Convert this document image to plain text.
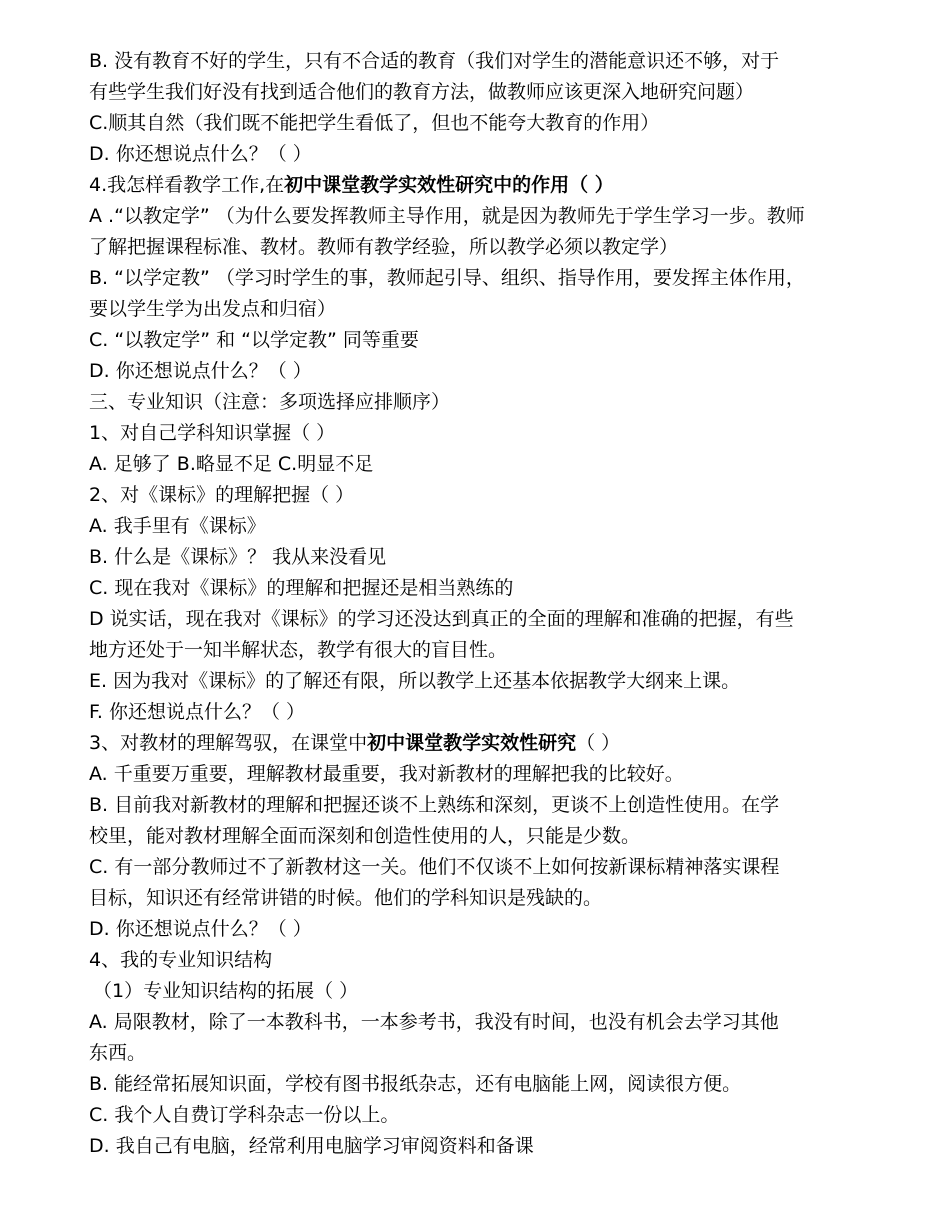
B. 没有教育不好的学生，只有不合适的教育（我们对学生的潜能意识还不够，对于
有些学生我们好没有找到适合他们的教育方法，做教师应该更深入地研究问题）
C.顺其自然（我们既不能把学生看低了，但也不能夸大教育的作用）
D. 你还想说点什么？（ ）
4.我怎样看教学工作,在初中课堂教学实效性研究中的作用（ ）
A .“以教定学” （为什么要发挥教师主导作用，就是因为教师先于学生学习一步。教师
了解把握课程标准、教材。教师有教学经验，所以教学必须以教定学）
B. “以学定教” （学习时学生的事，教师起引导、组织、指导作用，要发挥主体作用，
要以学生学为出发点和归宿）
C. “以教定学” 和 “以学定教” 同等重要
D. 你还想说点什么？（ ）
三、专业知识（注意：多项选择应排顺序）
1、对自己学科知识掌握（ ）
A. 足够了 B.略显不足 C.明显不足
2、对《课标》的理解把握（ ）
A. 我手里有《课标》
B. 什么是《课标》？ 我从来没看见
C. 现在我对《课标》的理解和把握还是相当熟练的
D 说实话，现在我对《课标》的学习还没达到真正的全面的理解和准确的把握，有些
地方还处于一知半解状态，教学有很大的盲目性。
E. 因为我对《课标》的了解还有限，所以教学上还基本依据教学大纲来上课。
F. 你还想说点什么？（ ）
3、对教材的理解驾驭，在课堂中初中课堂教学实效性研究（ ）
A. 千重要万重要，理解教材最重要，我对新教材的理解把我的比较好。
B. 目前我对新教材的理解和把握还谈不上熟练和深刻，更谈不上创造性使用。在学
校里，能对教材理解全面而深刻和创造性使用的人，只能是少数。
C. 有一部分教师过不了新教材这一关。他们不仅谈不上如何按新课标精神落实课程
目标，知识还有经常讲错的时候。他们的学科知识是残缺的。
D. 你还想说点什么？（ ）
4、我的专业知识结构
（1）专业知识结构的拓展（ ）
A. 局限教材，除了一本教科书，一本参考书，我没有时间，也没有机会去学习其他
东西。
B. 能经常拓展知识面，学校有图书报纸杂志，还有电脑能上网，阅读很方便。
C. 我个人自费订学科杂志一份以上。
D. 我自己有电脑，经常利用电脑学习审阅资料和备课
